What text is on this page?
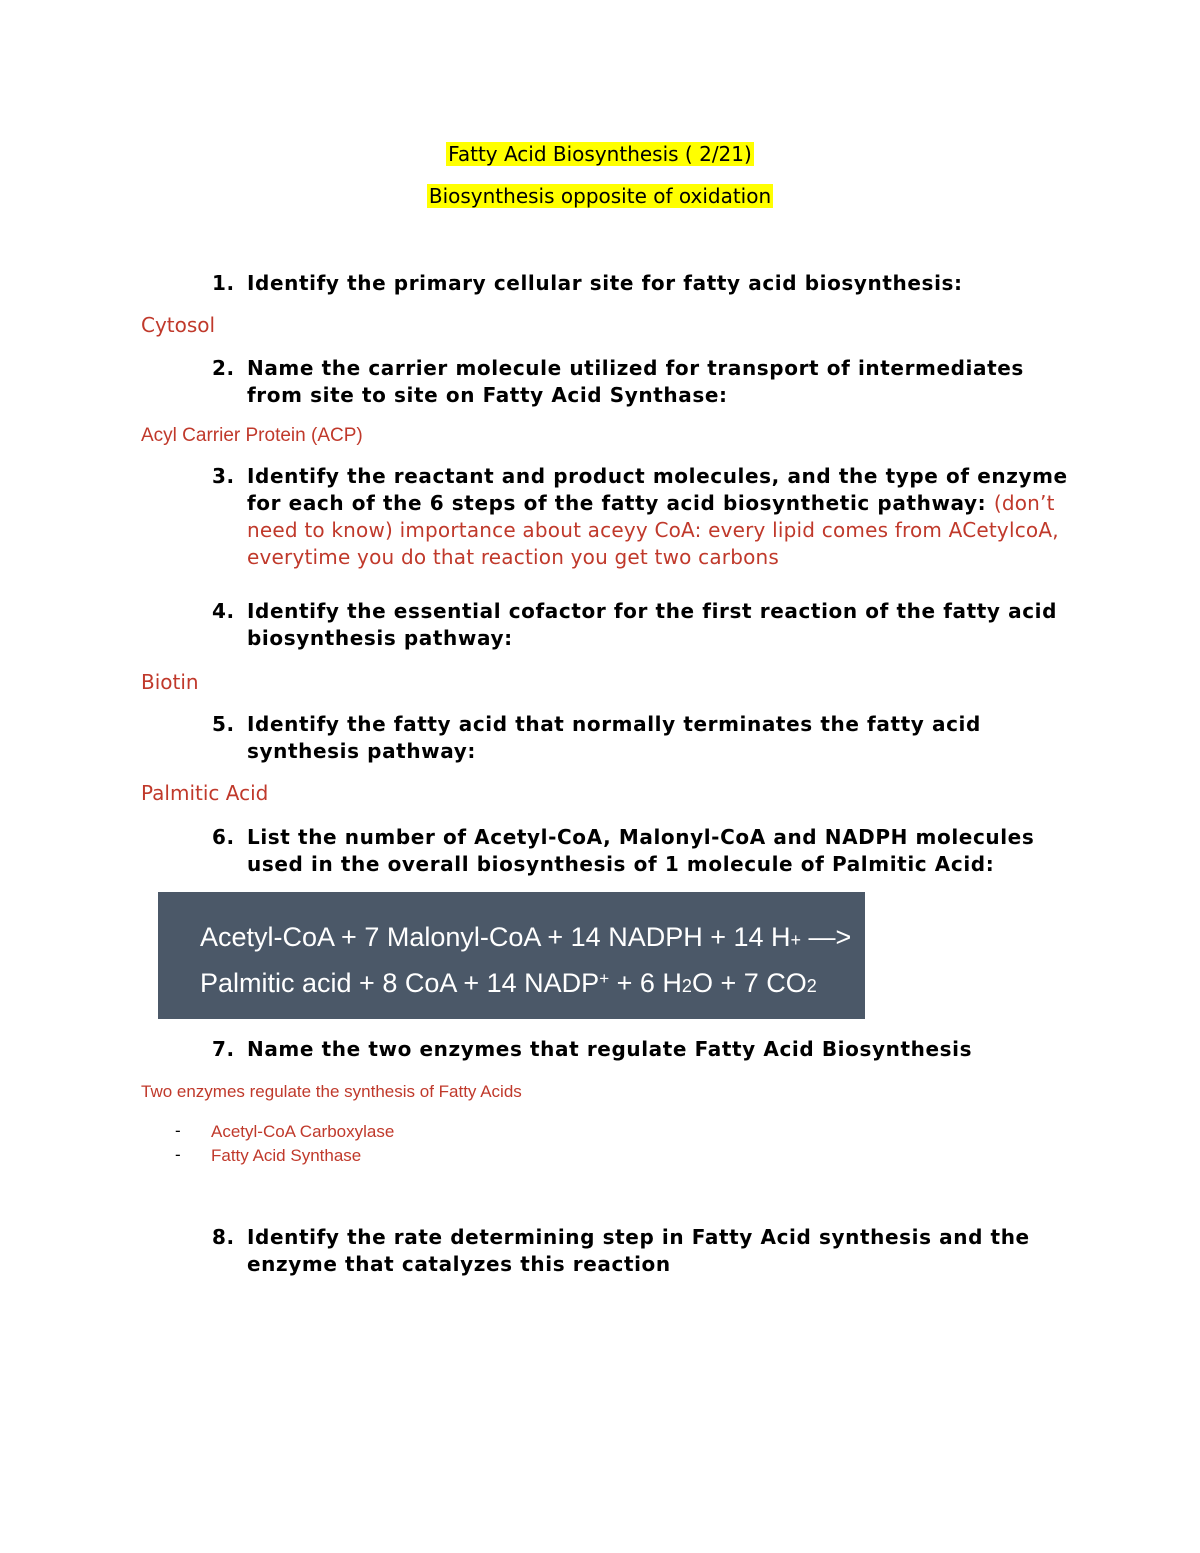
Fatty Acid Biosynthesis ( 2/21)
Biosynthesis opposite of oxidation
1. Identify the primary cellular site for fatty acid biosynthesis:
Cytosol
2. Name the carrier molecule utilized for transport of intermediates from site to site on Fatty Acid Synthase:
Acyl Carrier Protein (ACP)
3. Identify the reactant and product molecules, and the type of enzyme for each of the 6 steps of the fatty acid biosynthetic pathway: (don’t need to know) importance about aceyy CoA: every lipid comes from ACetylcoA, everytime you do that reaction you get two carbons
4. Identify the essential cofactor for the first reaction of the fatty acid biosynthesis pathway:
Biotin
5. Identify the fatty acid that normally terminates the fatty acid synthesis pathway:
Palmitic Acid
6. List the number of Acetyl-CoA, Malonyl-CoA and NADPH molecules used in the overall biosynthesis of 1 molecule of Palmitic Acid:
Acetyl-CoA + 7 Malonyl-CoA + 14 NADPH + 14 H+ —>
Palmitic acid + 8 CoA + 14 NADP+ + 6 H2O + 7 CO2
7. Name the two enzymes that regulate Fatty Acid Biosynthesis
Two enzymes regulate the synthesis of Fatty Acids
- Acetyl-CoA Carboxylase
- Fatty Acid Synthase
8. Identify the rate determining step in Fatty Acid synthesis and the enzyme that catalyzes this reaction
